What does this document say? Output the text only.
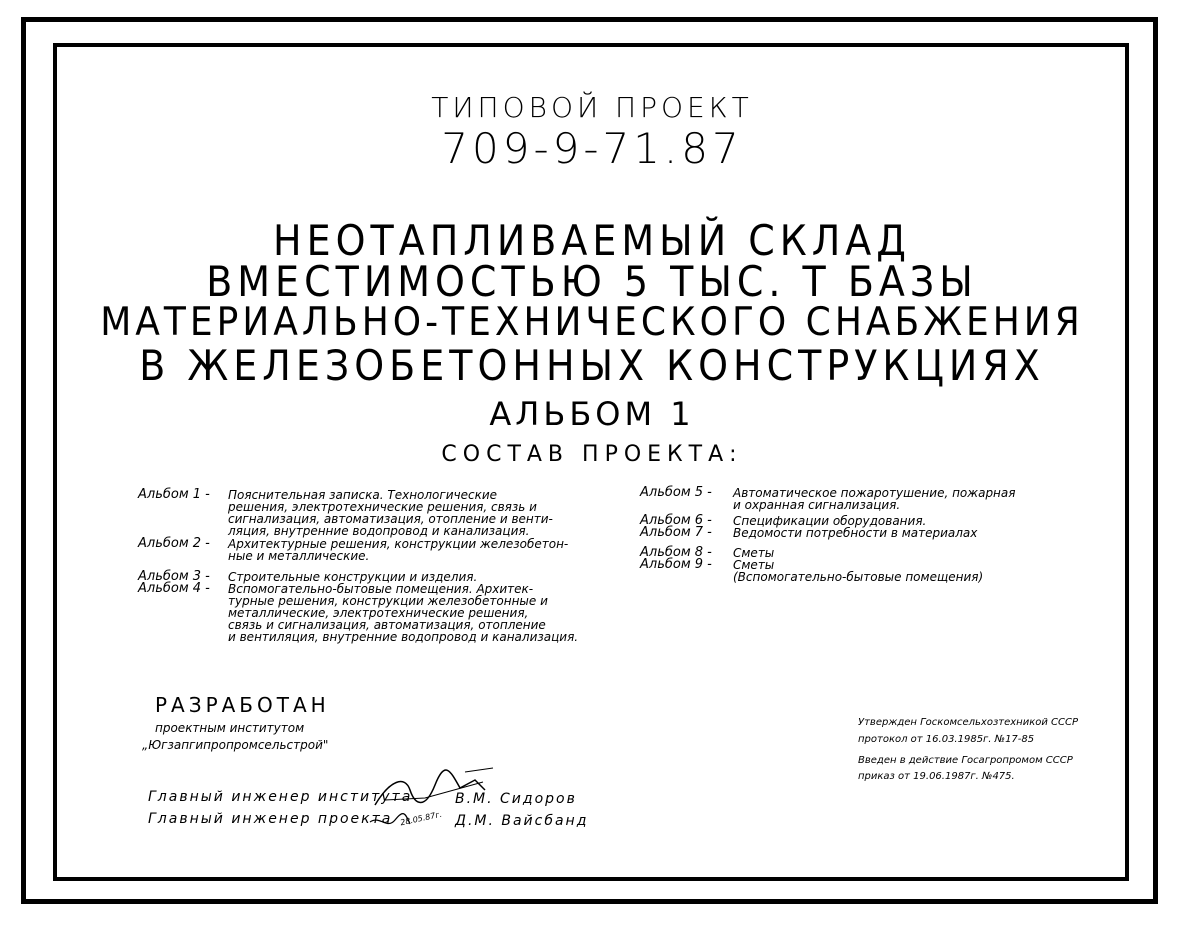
ТИПОВОЙ ПРОЕКТ
709-9-71.87
НЕОТАПЛИВАЕМЫЙ СКЛАД
ВМЕСТИМОСТЬЮ 5 ТЫС. Т БАЗЫ
МАТЕРИАЛЬНО-ТЕХНИЧЕСКОГО СНАБЖЕНИЯ
В ЖЕЛЕЗОБЕТОННЫХ КОНСТРУКЦИЯХ
АЛЬБОМ 1
СОСТАВ ПРОЕКТА:
Альбом 1 - Пояснительная записка. Технологические
решения, электротехнические решения, связь и
сигнализация, автоматизация, отопление и венти-
ляция, внутренние водопровод и канализация.
Альбом 2 - Архитектурные решения, конструкции железобетон-
ные и металлические.
Альбом 3 - Строительные конструкции и изделия.
Альбом 4 - Вспомогательно-бытовые помещения. Архитек-
турные решения, конструкции железобетонные и
металлические, электротехнические решения,
связь и сигнализация, автоматизация, отопление
и вентиляция, внутренние водопровод и канализация.
Альбом 5 - Автоматическое пожаротушение, пожарная
и охранная сигнализация.
Альбом 6 - Спецификации оборудования.
Альбом 7 - Ведомости потребности в материалах
Альбом 8 - Сметы
Альбом 9 - Сметы
(Вспомогательно-бытовые помещения)
РАЗРАБОТАН
проектным институтом
„Югзапгипропромсельстрой"
Главный инженер института	В.М. Сидоров
Главный инженер проекта	Д.М. Вайсбанд
28.05.87г.
Утвержден Госкомсельхозтехникой СССР
протокол от 16.03.1985г. №17-85
Введен в действие Госагропромом СССР
приказ от 19.06.1987г. №475.
